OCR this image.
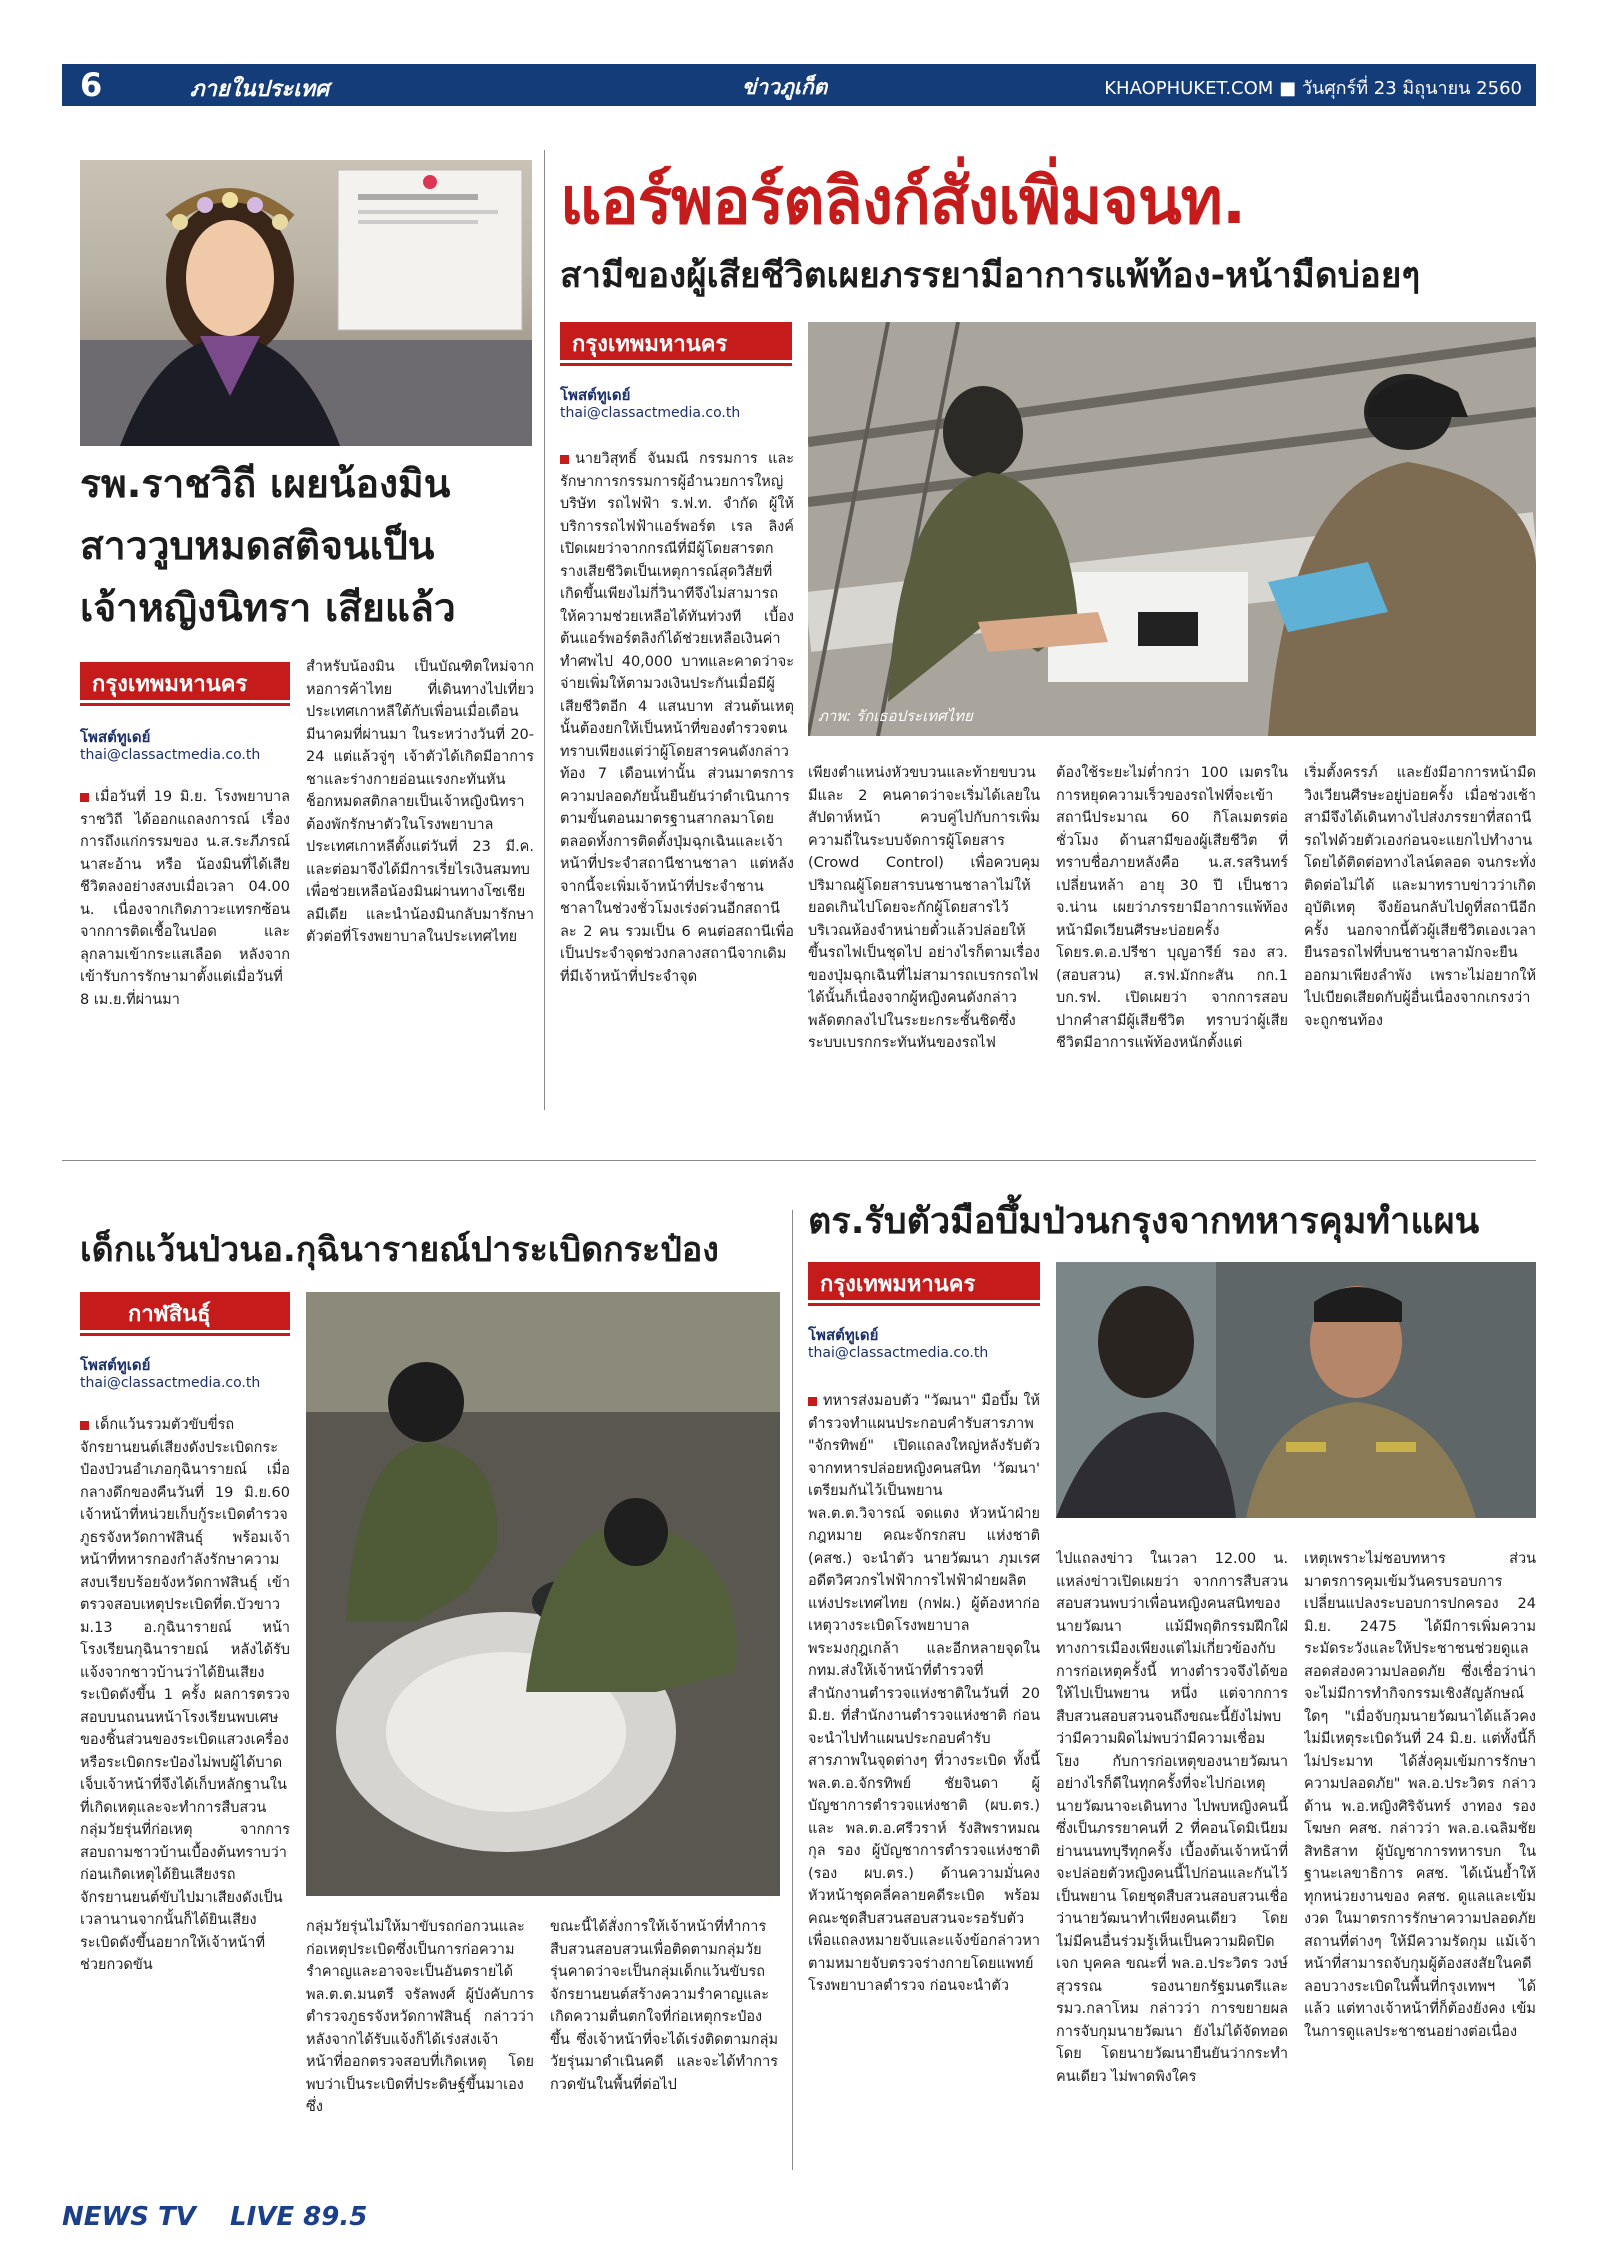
6	ภายในประเทศ	ข่าวภูเก็ต	KHAOPHUKET.COM ■ วันศุกร์ที่ 23 มิถุนายน 2560
รพ.ราชวิถี เผยน้องมิน
สาววูบหมดสติจนเป็น
เจ้าหญิงนิทรา เสียแล้ว
กรุงเทพมหานคร
โพสต์ทูเดย์
thai@classactmedia.co.th
เมื่อวันที่ 19 มิ.ย. โรงพยาบาลราชวิถี ได้ออกแถลงการณ์ เรื่องการถึงแก่กรรมของ น.ส.ระภีภรณ์ นาสะอ้าน หรือ น้องมินที่ได้เสียชีวิตลงอย่างสงบเมื่อเวลา 04.00 น. เนื่องจากเกิดภาวะแทรกซ้อนจากการติดเชื้อในปอด และลุกลามเข้ากระแสเลือด หลังจากเข้ารับการรักษามาตั้งแต่เมื่อวันที่ 8 เม.ย.ที่ผ่านมา
สำหรับน้องมิน เป็นบัณฑิตใหม่จากหอการค้าไทย ที่เดินทางไปเที่ยวประเทศเกาหลีใต้กับเพื่อนเมื่อเดือนมีนาคมที่ผ่านมา ในระหว่างวันที่ 20-24 แต่แล้วจู่ๆ เจ้าตัวได้เกิดมีอาการชาและร่างกายอ่อนแรงกะทันหัน ช็อกหมดสติกลายเป็นเจ้าหญิงนิทรา ต้องพักรักษาตัวในโรงพยาบาลประเทศเกาหลีตั้งแต่วันที่ 23 มี.ค. และต่อมาจึงได้มีการเรี่ยไรเงินสมทบเพื่อช่วยเหลือน้องมินผ่านทางโซเชียลมีเดีย และนำน้องมินกลับมารักษาตัวต่อที่โรงพยาบาลในประเทศไทย
แอร์พอร์ตลิงก์สั่งเพิ่มจนท.
สามีของผู้เสียชีวิตเผยภรรยามีอาการแพ้ท้อง-หน้ามืดบ่อยๆ
กรุงเทพมหานคร
โพสต์ทูเดย์
thai@classactmedia.co.th
ภาพ: รักเธอประเทศไทย
นายวิสุทธิ์ จันมณี กรรมการ และ รักษาการกรรมการผู้อำนวยการใหญ่ บริษัท รถไฟฟ้า ร.ฟ.ท. จำกัด ผู้ให้บริการรถไฟฟ้าแอร์พอร์ต เรล ลิงค์ เปิดเผยว่าจากกรณีที่มีผู้โดยสารตกรางเสียชีวิตเป็นเหตุการณ์สุดวิสัยที่เกิดขึ้นเพียงไม่กี่วินาทีจึงไม่สามารถให้ความช่วยเหลือได้ทันท่วงที เบื้องต้นแอร์พอร์ตลิงก์ได้ช่วยเหลือเงินค่าทำศพไป 40,000 บาทและคาดว่าจะจ่ายเพิ่มให้ตามวงเงินประกันเมื่อมีผู้เสียชีวิตอีก 4 แสนบาท ส่วนต้นเหตุนั้นต้องยกให้เป็นหน้าที่ของตำรวจตนทราบเพียงแต่ว่าผู้โดยสารคนดังกล่าวท้อง 7 เดือนเท่านั้น ส่วนมาตรการความปลอดภัยนั้นยืนยันว่าดำเนินการตามขั้นตอนมาตรฐานสากลมาโดยตลอดทั้งการติดตั้งปุ่มฉุกเฉินและเจ้าหน้าที่ประจำสถานีชานชาลา แต่หลังจากนี้จะเพิ่มเจ้าหน้าที่ประจำชานชาลาในช่วงชั่วโมงเร่งด่วนอีกสถานีละ 2 คน รวมเป็น 6 คนต่อสถานีเพื่อเป็นประจำจุดช่วงกลางสถานีจากเดิมที่มีเจ้าหน้าที่ประจำจุด
เพียงตำแหน่งหัวขบวนและท้ายขบวนมีและ 2 คนคาดว่าจะเริ่มได้เลยในสัปดาห์หน้า ควบคู่ไปกับการเพิ่มความถี่ในระบบจัดการผู้โดยสาร (Crowd Control) เพื่อควบคุมปริมาณผู้โดยสารบนชานชาลาไม่ให้ยอดเกินไปโดยจะกักผู้โดยสารไว้บริเวณห้องจำหน่ายตั๋วแล้วปล่อยให้ขึ้นรถไฟเป็นชุดไป อย่างไรก็ตามเรื่องของปุ่มฉุกเฉินที่ไม่สามารถเบรกรถไฟได้นั้นก็เนื่องจากผู้หญิงคนดังกล่าวพลัดตกลงไปในระยะกระชั้นชิดซึ่งระบบเบรกกระทันหันของรถไฟ
ต้องใช้ระยะไม่ต่ำกว่า 100 เมตรในการหยุดความเร็วของรถไฟที่จะเข้าสถานีประมาณ 60 กิโลเมตรต่อชั่วโมง ด้านสามีของผู้เสียชีวิต ที่ทราบชื่อภายหลังคือ น.ส.รสรินทร์ เปลี่ยนหล้า อายุ 30 ปี เป็นชาว จ.น่าน เผยว่าภรรยามีอาการแพ้ท้อง หน้ามืดเวียนศีรษะบ่อยครั้ง โดยร.ต.อ.ปรีชา บุญอารีย์ รอง สว.(สอบสวน) ส.รฟ.มักกะสัน กก.1 บก.รฟ. เปิดเผยว่า จากการสอบปากคำสามีผู้เสียชีวิต ทราบว่าผู้เสียชีวิตมีอาการแพ้ท้องหนักตั้งแต่
เริ่มตั้งครรภ์ และยังมีอาการหน้ามืด วิงเวียนศีรษะอยู่บ่อยครั้ง เมื่อช่วงเช้าสามีจึงได้เดินทางไปส่งภรรยาที่สถานีรถไฟด้วยตัวเองก่อนจะแยกไปทำงาน โดยได้ติดต่อทางไลน์ตลอด จนกระทั่งติดต่อไม่ได้ และมาทราบข่าวว่าเกิดอุบัติเหตุ จึงย้อนกลับไปดูที่สถานีอีกครั้ง นอกจากนี้ตัวผู้เสียชีวิตเองเวลายืนรอรถไฟที่บนชานชาลามักจะยืนออกมาเพียงลำพัง เพราะไม่อยากให้ไปเบียดเสียดกับผู้อื่นเนื่องจากเกรงว่าจะถูกชนท้อง
เด็กแว้นป่วนอ.กุฉินารายณ์ปาระเบิดกระป๋อง
กาฬสินธุ์
โพสต์ทูเดย์
thai@classactmedia.co.th
เด็กแว้นรวมตัวขับขี่รถจักรยานยนต์เสียงดังประเบิดกระป๋องป่วนอำเภอกุฉินารายณ์ เมื่อกลางดึกของคืนวันที่ 19 มิ.ย.60 เจ้าหน้าที่หน่วยเก็บกู้ระเบิดตำรวจภูธรจังหวัดกาฬสินธุ์ พร้อมเจ้าหน้าที่ทหารกองกำลังรักษาความสงบเรียบร้อยจังหวัดกาฬสินธุ์ เข้าตรวจสอบเหตุประเบิดที่ต.บัวขาว ม.13 อ.กุฉินารายณ์ หน้าโรงเรียนกุฉินารายณ์ หลังได้รับแจ้งจากชาวบ้านว่าได้ยินเสียงระเบิดดังขึ้น 1 ครั้ง ผลการตรวจสอบบนถนนหน้าโรงเรียนพบเศษของชิ้นส่วนของระเบิดแสวงเครื่องหรือระเบิดกระป๋องไม่พบผู้ได้บาดเจ็บเจ้าหน้าที่จึงได้เก็บหลักฐานในที่เกิดเหตุและจะทำการสืบสวนกลุ่มวัยรุ่นที่ก่อเหตุ จากการสอบถามชาวบ้านเบื้องต้นทราบว่าก่อนเกิดเหตุได้ยินเสียงรถจักรยานยนต์ขับไปมาเสียงดังเป็นเวลานานจากนั้นก็ได้ยินเสียงระเบิดดังขึ้นอยากให้เจ้าหน้าที่ช่วยกวดขัน
กลุ่มวัยรุ่นไม่ให้มาขับรถก่อกวนและก่อเหตุประเบิดซึ่งเป็นการก่อความรำคาญและอาจจะเป็นอันตรายได้ พล.ต.ต.มนตรี จรัลพงศ์ ผู้บังคับการตำรวจภูธรจังหวัดกาฬสินธุ์ กล่าวว่า หลังจากได้รับแจ้งก็ได้เร่งส่งเจ้าหน้าที่ออกตรวจสอบที่เกิดเหตุ โดยพบว่าเป็นระเบิดที่ประดิษฐ์ขึ้นมาเอง ซึ่ง
ขณะนี้ได้สั่งการให้เจ้าหน้าที่ทำการสืบสวนสอบสวนเพื่อติดตามกลุ่มวัยรุ่นคาดว่าจะเป็นกลุ่มเด็กแว้นขับรถจักรยานยนต์สร้างความรำคาญและเกิดความตื่นตกใจที่ก่อเหตุกระป๋องขึ้น ซึ่งเจ้าหน้าที่จะได้เร่งติดตามกลุ่มวัยรุ่นมาดำเนินคดี และจะได้ทำการกวดขันในพื้นที่ต่อไป
ตร.รับตัวมือบึ้มป่วนกรุงจากทหารคุมทำแผน
กรุงเทพมหานคร
โพสต์ทูเดย์
thai@classactmedia.co.th
ทหารส่งมอบตัว "วัฒนา" มือบึ้ม ให้ตำรวจทำแผนประกอบคำรับสารภาพ "จักรทิพย์" เปิดแถลงใหญ่หลังรับตัวจากทหารปล่อยหญิงคนสนิท 'วัฒนา' เตรียมกันไว้เป็นพยาน พล.ต.ต.วิจารณ์ จดแตง หัวหน้าฝ่ายกฎหมาย คณะจักรกสบ แห่งชาติ (คสช.) จะนำตัว นายวัฒนา ภุมเรศ อดีตวิศวกรไฟฟ้าการไฟฟ้าฝ่ายผลิตแห่งประเทศไทย (กฟผ.) ผู้ต้องหาก่อเหตุวางระเบิดโรงพยาบาลพระมงกุฎเกล้า และอีกหลายจุดใน กทม.ส่งให้เจ้าหน้าที่ตำรวจที่สำนักงานตำรวจแห่งชาติในวันที่ 20 มิ.ย. ที่สำนักงานตำรวจแห่งชาติ ก่อนจะนำไปทำแผนประกอบคำรับสารภาพในจุดต่างๆ ที่วางระเบิด ทั้งนี้ พล.ต.อ.จักรทิพย์ ชัยจินดา ผู้บัญชาการตำรวจแห่งชาติ (ผบ.ตร.) และ พล.ต.อ.ศรีวราห์ รังสิพราหมณกุล รอง ผู้บัญชาการตำรวจแห่งชาติ (รอง ผบ.ตร.) ด้านความมั่นคง หัวหน้าชุดคลี่คลายคดีระเบิด พร้อมคณะชุดสืบสวนสอบสวนจะรอรับตัว เพื่อแถลงหมายจับและแจ้งข้อกล่าวหาตามหมายจับตรวจร่างกายโดยแพทย์โรงพยาบาลตำรวจ ก่อนจะนำตัว
ไปแถลงข่าว ในเวลา 12.00 น. แหล่งข่าวเปิดเผยว่า จากการสืบสวนสอบสวนพบว่าเพื่อนหญิงคนสนิทของนายวัฒนา แม้มีพฤติกรรมฝึกใฝ่ทางการเมืองเพียงแต่ไม่เกี่ยวข้องกับการก่อเหตุครั้งนี้ ทางตำรวจจึงได้ขอให้ไปเป็นพยาน หนึ่ง แต่จากการสืบสวนสอบสวนจนถึงขณะนี้ยังไม่พบว่ามีความผิดไม่พบว่ามีความเชื่อมโยง กับการก่อเหตุของนายวัฒนา อย่างไรก็ดีในทุกครั้งที่จะไปก่อเหตุนายวัฒนาจะเดินทาง ไปพบหญิงคนนี้ซึ่งเป็นภรรยาคนที่ 2 ที่คอนโดมิเนียมย่านนนทบุรีทุกครั้ง เบื้องต้นเจ้าหน้าที่จะปล่อยตัวหญิงคนนี้ไปก่อนและกันไว้เป็นพยาน โดยชุดสืบสวนสอบสวนเชื่อว่านายวัฒนาทำเพียงคนเดียว โดยไม่มีคนอื่นร่วมรู้เห็นเป็นความผิดปิดเจก บุคคล ขณะที่ พล.อ.ประวิตร วงษ์สุวรรณ รองนายกรัฐมนตรีและรมว.กลาโหม กล่าวว่า การขยายผลการจับกุมนายวัฒนา ยังไม่ได้จัดทอดโดย โดยนายวัฒนายืนยันว่ากระทำคนเดียว ไม่พาดพิงใคร
เหตุเพราะไม่ชอบทหาร ส่วนมาตรการคุมเข้มวันครบรอบการเปลี่ยนแปลงระบอบการปกครอง 24 มิ.ย. 2475 ได้มีการเพิ่มความระมัดระวังและให้ประชาชนช่วยดูแล สอดส่องความปลอดภัย ซึ่งเชื่อว่าน่าจะไม่มีการทำกิจกรรมเชิงสัญลักษณ์ใดๆ "เมื่อจับกุมนายวัฒนาได้แล้วคงไม่มีเหตุระเบิดวันที่ 24 มิ.ย. แต่ทั้งนี้ก็ไม่ประมาท ได้สั่งคุมเข้มการรักษาความปลอดภัย" พล.อ.ประวิตร กล่าว ด้าน พ.อ.หญิงศิริจันทร์ งาทอง รองโฆษก คสช. กล่าวว่า พล.อ.เฉลิมชัย สิทธิสาท ผู้บัญชาการทหารบก ในฐานะเลขาธิการ คสช. ได้เน้นย้ำให้ทุกหน่วยงานของ คสช. ดูแลและเข้มงวด ในมาตรการรักษาความปลอดภัยสถานที่ต่างๆ ให้มีความรัดกุม แม้เจ้าหน้าที่สามารถจับกุมผู้ต้องสงสัยในคดีลอบวางระเบิดในพื้นที่กรุงเทพฯ ได้แล้ว แต่ทางเจ้าหน้าที่ก็ต้องยังคง เข้มในการดูแลประชาชนอย่างต่อเนื่อง
NEWS TV LIVE 89.5
